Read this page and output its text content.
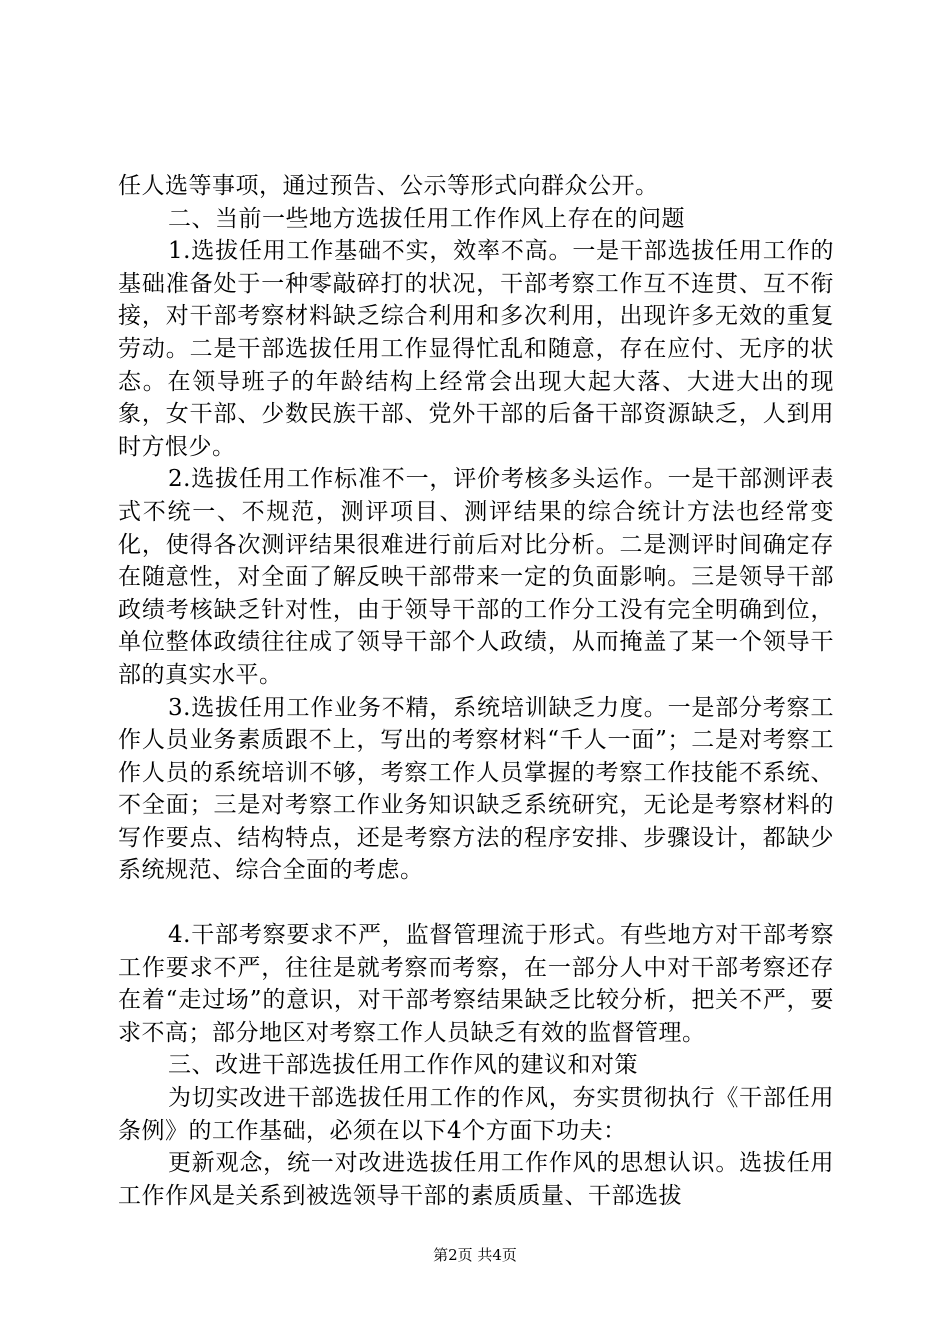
任人选等事项，通过预告、公示等形式向群众公开。

二、当前一些地方选拔任用工作作风上存在的问题

1.选拔任用工作基础不实，效率不高。一是干部选拔任用工作的基础准备处于一种零敲碎打的状况，干部考察工作互不连贯、互不衔接，对干部考察材料缺乏综合利用和多次利用，出现许多无效的重复劳动。二是干部选拔任用工作显得忙乱和随意，存在应付、无序的状态。在领导班子的年龄结构上经常会出现大起大落、大进大出的现象，女干部、少数民族干部、党外干部的后备干部资源缺乏，人到用时方恨少。

2.选拔任用工作标准不一，评价考核多头运作。一是干部测评表式不统一、不规范，测评项目、测评结果的综合统计方法也经常变化，使得各次测评结果很难进行前后对比分析。二是测评时间确定存在随意性，对全面了解反映干部带来一定的负面影响。三是领导干部政绩考核缺乏针对性，由于领导干部的工作分工没有完全明确到位，单位整体政绩往往成了领导干部个人政绩，从而掩盖了某一个领导干部的真实水平。

3.选拔任用工作业务不精，系统培训缺乏力度。一是部分考察工作人员业务素质跟不上，写出的考察材料“千人一面”；二是对考察工作人员的系统培训不够，考察工作人员掌握的考察工作技能不系统、不全面；三是对考察工作业务知识缺乏系统研究，无论是考察材料的写作要点、结构特点，还是考察方法的程序安排、步骤设计，都缺少系统规范、综合全面的考虑。

4.干部考察要求不严，监督管理流于形式。有些地方对干部考察工作要求不严，往往是就考察而考察，在一部分人中对干部考察还存在着“走过场”的意识，对干部考察结果缺乏比较分析，把关不严，要求不高；部分地区对考察工作人员缺乏有效的监督管理。

三、改进干部选拔任用工作作风的建议和对策

为切实改进干部选拔任用工作的作风，夯实贯彻执行《干部任用条例》的工作基础，必须在以下4个方面下功夫：

更新观念，统一对改进选拔任用工作作风的思想认识。选拔任用工作作风是关系到被选领导干部的素质质量、干部选拔

第2页 共4页
